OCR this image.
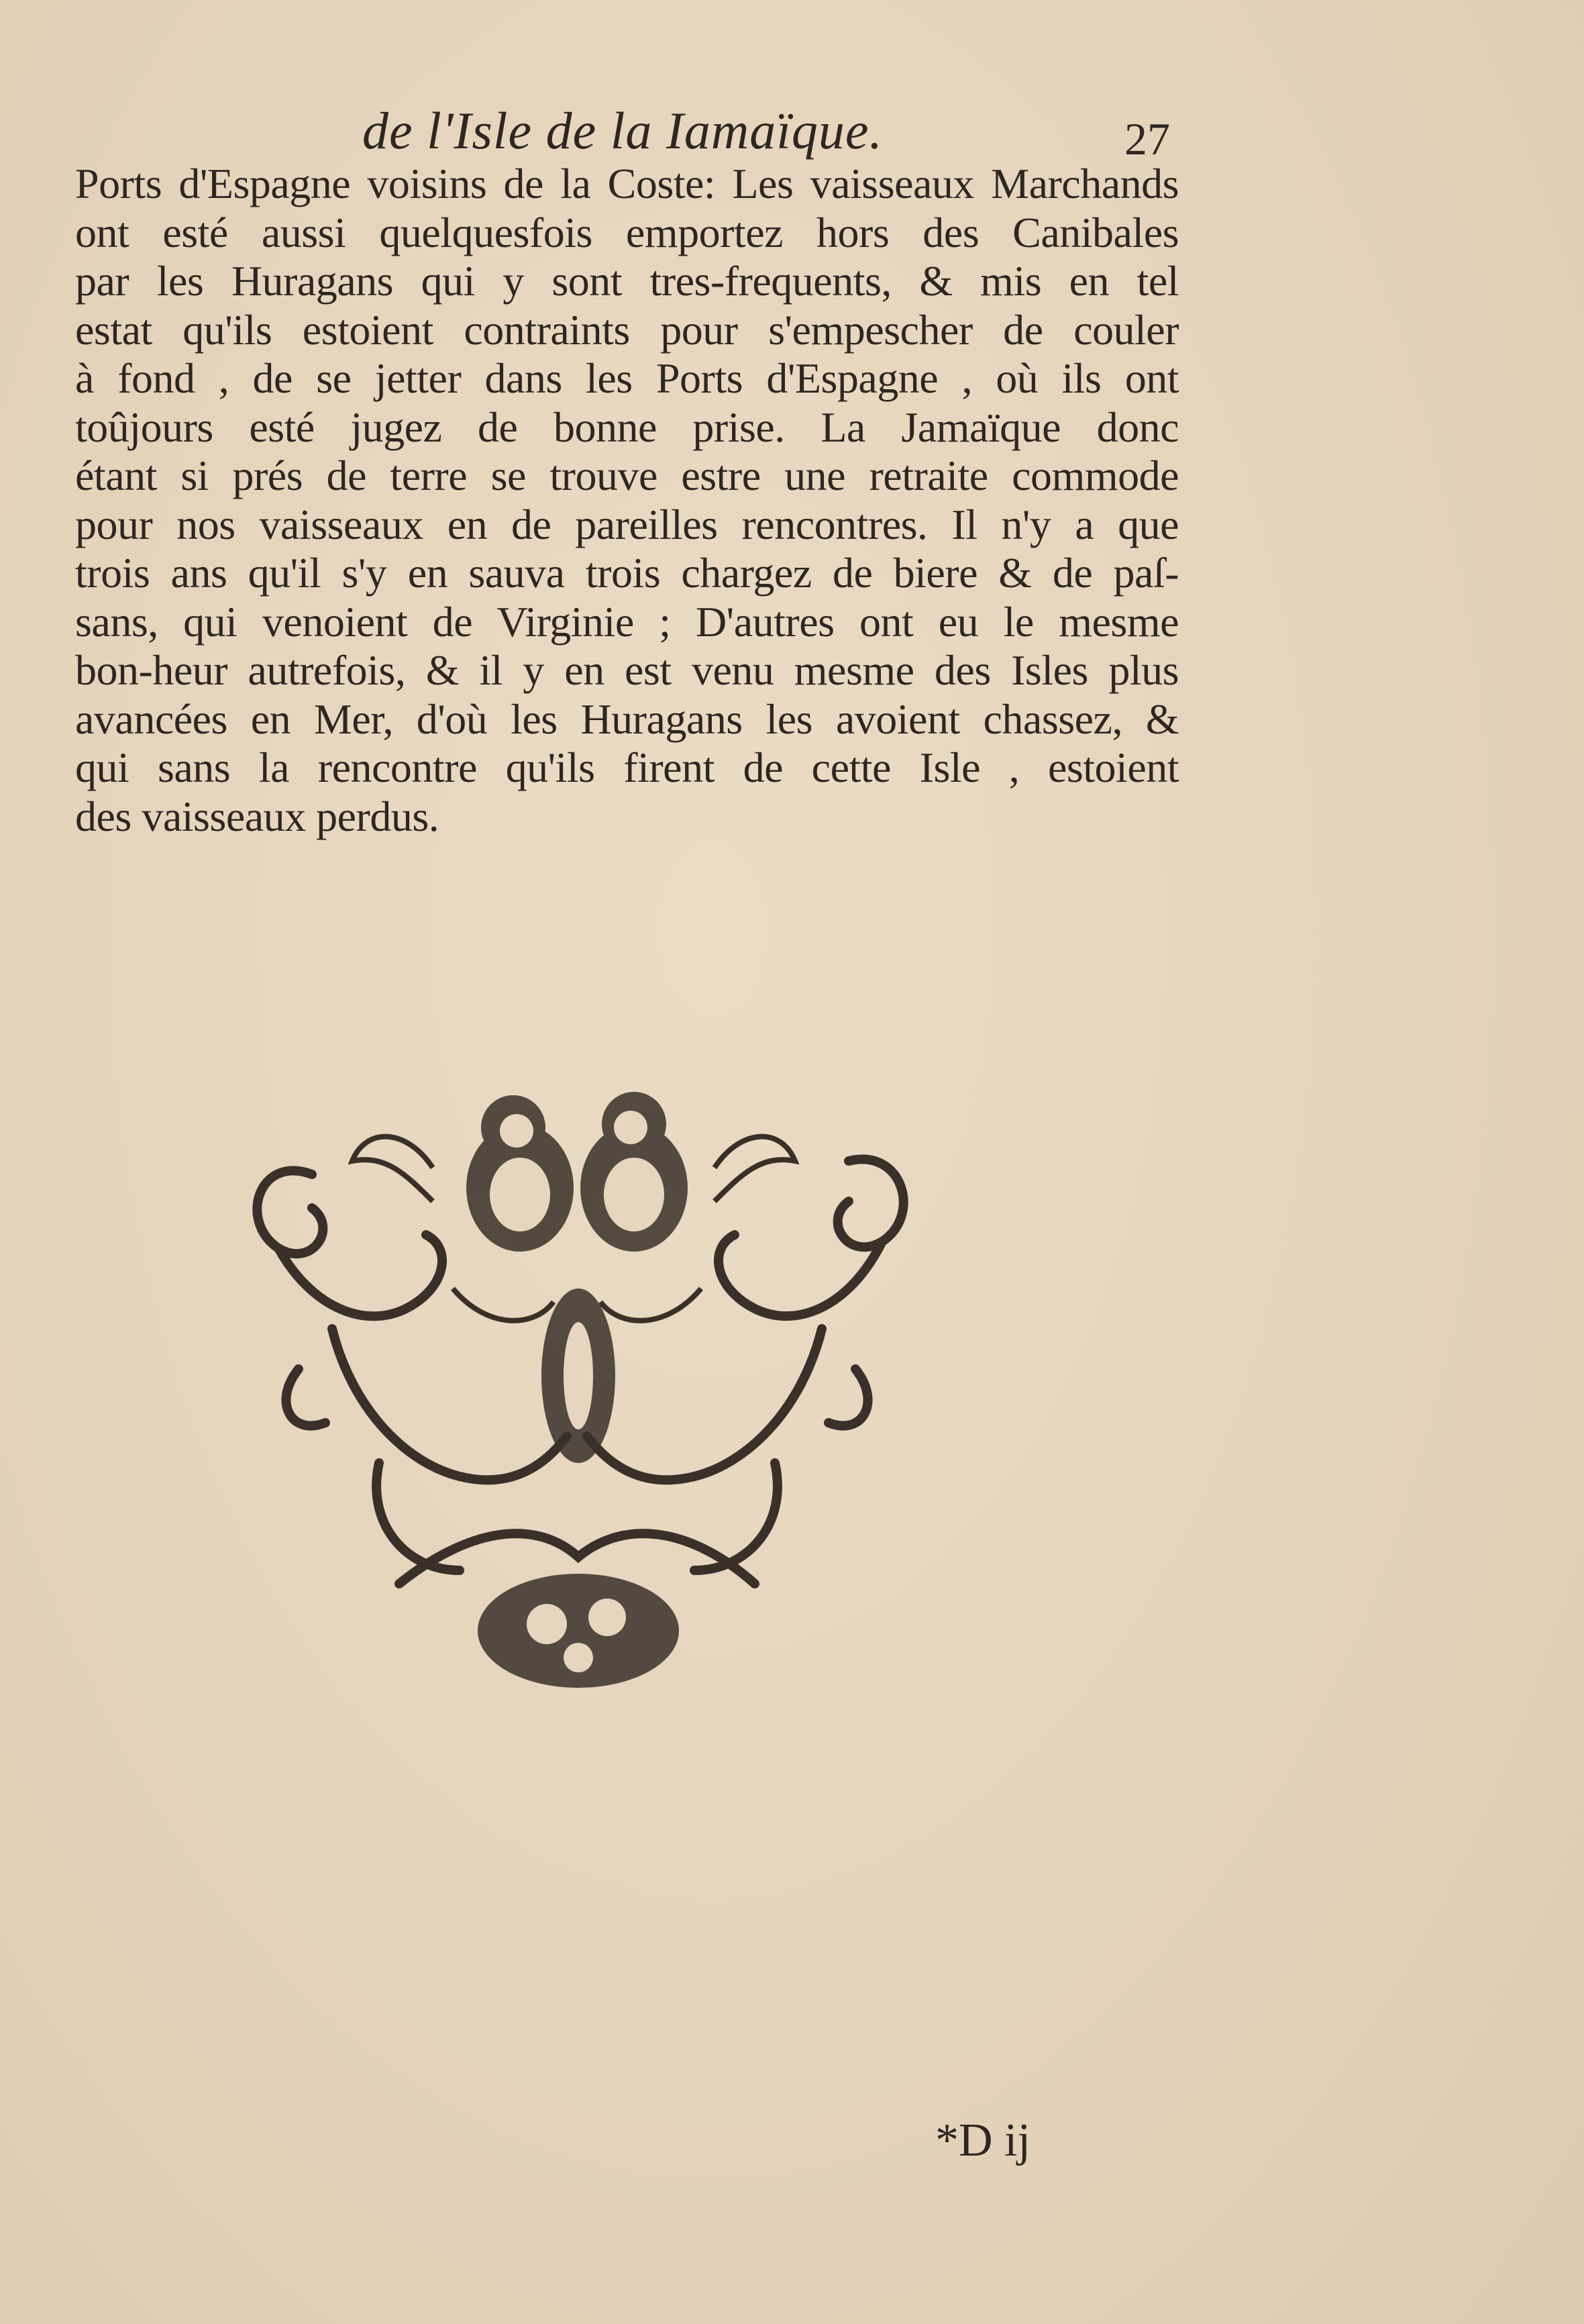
de l'Isle de la Iamaïque.	27
Ports d'Espagne voisins de la Coste: Les vaisseaux Marchands
ont esté aussi quelquesfois emportez hors des Canibales
par les Huragans qui y sont tres-frequents, & mis en tel
estat qu'ils estoient contraints pour s'empescher de couler
à fond , de se jetter dans les Ports d'Espagne , où ils ont
toûjours esté jugez de bonne prise. La Jamaïque donc
étant si prés de terre se trouve estre une retraite commode
pour nos vaisseaux en de pareilles rencontres. Il n'y a que
trois ans qu'il s'y en sauva trois chargez de biere & de paſ-
sans, qui venoient de Virginie ; D'autres ont eu le mesme
bon-heur autrefois, & il y en est venu mesme des Isles plus
avancées en Mer, d'où les Huragans les avoient chassez, &
qui sans la rencontre qu'ils firent de cette Isle , estoient
des vaisseaux perdus.
*D ij
